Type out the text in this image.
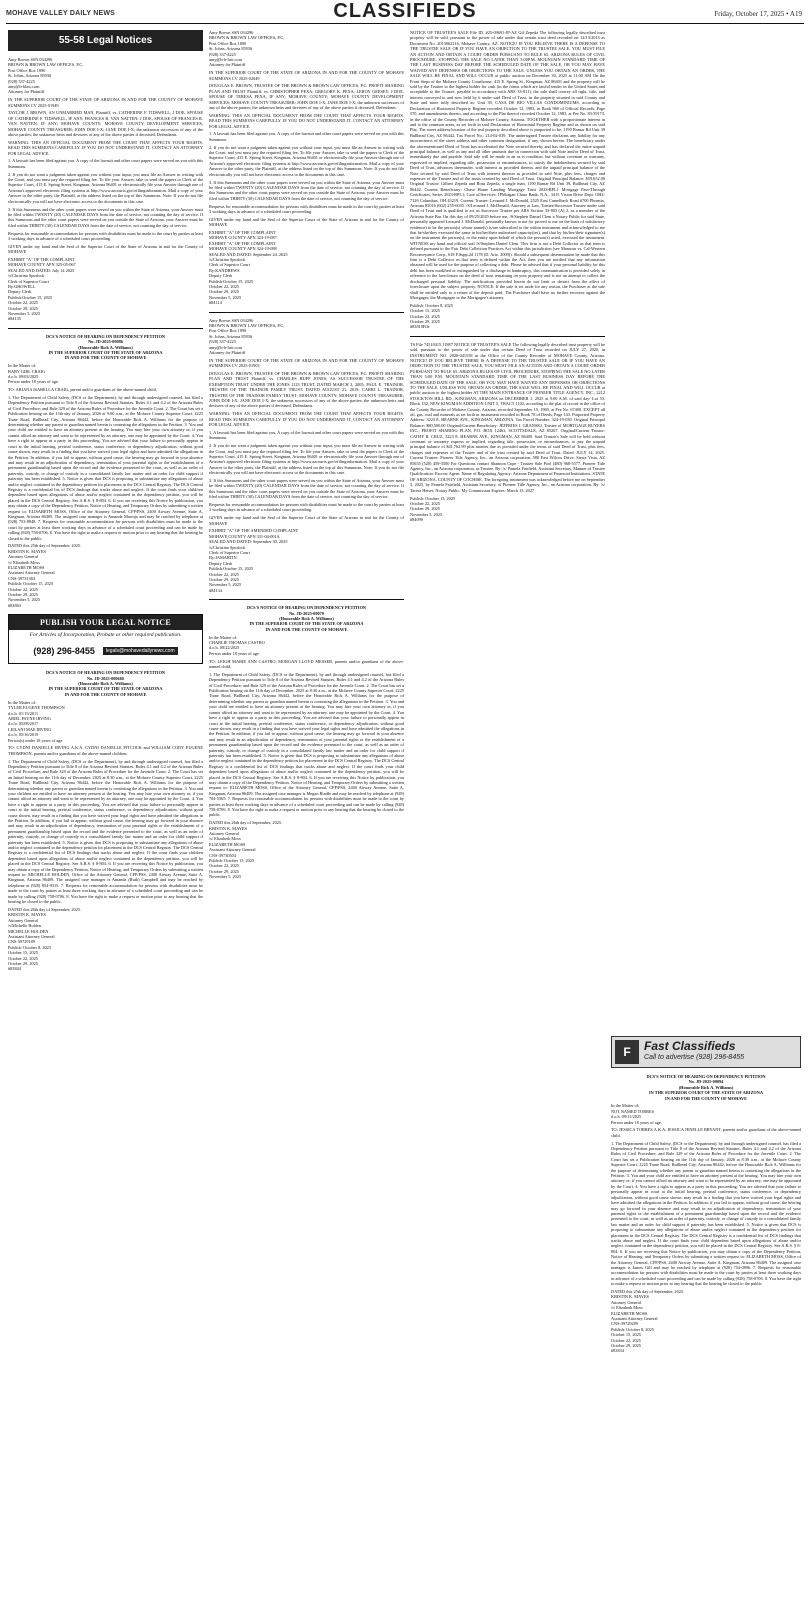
MOHAVE VALLEY DAILY NEWS	CLASSIFIEDS	Friday, October 17, 2025 • A19
55-58 Legal Notices

Amy Brown SSN 034296
BROWN & BROWN LAW OFFICES, P.C,
Post Office Box 1890
St. Johns, Arizona 85936
(928) 337-4225
amy@b-blaw.com
Attorney for Plaintiff

IN THE SUPERIOR COURT OF THE STATE OF ARIZONA IN AND FOR THE COUNTY OF MOHAVE SUMMONS CV 2025-01949

TAYLOR J. BROWN, AN UNMARRIED MAN, Plaintiff, vs. CATHERINE F. TIDSWELL; J DOE, SPOUSE OF CATHERINE F. TIDSWELL, IF ANY; FRANCES R. VAN NATTEN; J DOE, SPOUSE OF FRANCES R. VAN NATTEN, IF ANY; MOHAVE COUNTY; MOHAVE COUNTY DEVELOPMENT SERVICES, MOHAVE COUNTY TREASURER; JOHN DOE I-X; JANE DOE I-X; the unknown successors of any of the above parties; the unknown heirs and devisees of any of the above parties if deceased, Defendants.

WARNING: THIS AN OFFICIAL DOCUMENT FROM THE COURT THAT AFFECTS YOUR RIGHTS. READ THIS SUMMONS CAREFULLY. IF YOU DO NOT UNDERSTAND IT, CONTACT AN ATTORNEY FOR LEGAL ADVICE.

1. A lawsuit has been filed against you. A copy of the lawsuit and other court papers were served on you with this Summons.

2. If you do not want a judgment taken against you without your input, you must file an Answer in writing with the Court, and you must pay the required filing fee. To file your Answer, take or send the papers to Clerk of the Superior Court, 415 E. Spring Street, Kingman, Arizona 86401 or electronically file your Answer through one of Arizona's approved electronic filing systems at http://www.azcourts.gov/efilinginformation. Mail a copy of your Answer to the other party, the Plaintiff, at the address listed on the top of this Summons. Note: If you do not file electronically you will not have electronic access to the documents in this case.

3. If this Summons and the other court papers were served on you within the State of Arizona, your Answer must be filed within TWENTY (20) CALENDAR DAYS from the date of service, not counting the day of service. If this Summons and the other court papers were served on you outside the State of Arizona, your Answer must be filed within THIRTY (30) CALENDAR DAYS from the date of service, not counting the day of service.

Requests for reasonable accommodation for persons with disabilities must be made to the court by parties at least 3 working days in advance of a scheduled court proceeding.

GIVEN under my hand and the Seal of the Superior Court of the State of Arizona in and for the County of MOHAVE

EXHIBIT "A" OF THE COMPLAINT
MOHAVE COUNTY APN 325-05-067
SEALED AND DATED: July 14 2025
/s/Christina Spurlock
Clerk of Superior Court
By:GHOWELL
Deputy Clerk
Publish:October 15, 2025
October 22, 2025
October 29, 2025
November 5, 2025
#84135

DCS'S NOTICE OF HEARING ON DEPENDENCY PETITION
No. JD-2025-00086
(Honorable Rick A. Williams)
IN THE SUPERIOR COURT OF THE STATE OF ARIZONA
IN AND FOR THE COUNTY OF MOHAVE

In the Matter of:
BABY GIRL CRAIG
d.o.b. 09/03/2025
Person under 18 years of age.

TO: ARIANA ISABELLA CRAIG, parent and/or guardians of the above-named child,

1. The Department of Child Safety, (DCS or the Department), by and through undersigned counsel, has filed a Dependency Petition pursuant to Title 8 of the Arizona Revised Statutes, Rules 4.1 and 4.2 of the Arizona Rules of Civil Procedure; and Rule 329 of the Arizona Rules of Procedure for the Juvenile Court. 2. The Court has set a Publication hearing on the 15th day of January, 2026 at 9:00 a.m., at the Mohave County Superior Court, 2225 Trane Road, Bullhead City, Arizona 86442, before the Honorable Rick A. Williams for the purpose of determining whether any parent or guardian named herein is contesting the allegations in the Petition. 3. You and your child are entitled to have an attorney present at the hearing. You may hire your own attorney or, if you cannot afford an attorney and want to be represented by an attorney, one may be appointed by the Court. 4. You have a right to appear as a party in this proceeding. You are advised that your failure to personally appear in court at the initial hearing, pretrial conference, status conference, or dependency adjudication, without good cause shown, may result in a finding that you have waived your legal rights and have admitted the allegations in the Petition. In addition, if you fail to appear, without good cause, the hearing may go forward in your absence and may result in an adjudication of dependency, termination of your parental rights or the establishment of a permanent guardianship based upon the record and the evidence presented to the court, as well as an order of paternity, custody, or change of custody in a consolidated family law matter and an order for child support if paternity has been established. 5. Notice is given that DCS is proposing to substantiate any allegations of abuse and/or neglect contained in the dependency petition for placement in the DCS Central Registry. The DCS Central Registry is a confidential list of DCS findings that tracks abuse and neglect. If the court finds your child/ren dependent based upon allegations of abuse and/or neglect contained in the dependency petition, you will be placed in the DCS Central Registry. See A.R.S. § 8-804. 6. If you are receiving this Notice by publication, you may obtain a copy of the Dependency Petition, Notice of Hearing, and Temporary Orders by submitting a written request to: ELISABETH MOSS, Office of the Attorney General, CFP/PSS, 2400 Airway Avenue, Suite A, Kingman, Arizona 86409. The assigned case manager is Amanda Marrujo and may be reached by telephone at (928) 753-8848. 7. Requests for reasonable accommodation for persons with disabilities must be made to the court by parties at least three working days in advance of a scheduled court proceeding and can be made by calling (928) 758-0706. 8. You have the right to make a request or motion prior to any hearing that the hearing be closed to the public.

DATED this 25th day of September, 2025.
KRISTIN K. MAYES
Attorney General
/s/ Elizabeth Moss
ELIZABETH MOSS
Assistant Attorney General
CNS-39731384
Publish: October 15, 2025
October 22, 2025
October 29, 2025
November 5, 2025
#83863

PUBLISH YOUR LEGAL NOTICE
For Articles of Incorporation, Probate or other required publication.
(928) 296-8455 legals@mohavedailynews.com

DCS'S NOTICE OF HEARING ON DEPENDENCY PETITION
No. JD-2025-00066$
(Honorable Rick A. Williams)
IN THE SUPERIOR COURT OF THE STATE OF ARIZONA
IN AND FOR THE COUNTY OF MOHAVE

In the Matter of:
TYLER EUGENE THOMPSON
d.o.b. 01/15/2011
ARIEL PAYNE IRVING
d.o.b. 05/08/2017
LEILANI MAE IRVING
d.o.b. 05/16/2019
Person(s) under 18 years of age.

TO: CYDNI DANIELLE IRVING A.K.A. CYDNI DANIELLE PITCOCK and WILLIAM CODY EUGENE THOMPSON, parents and/or guardians of the above-named children,

1. The Department of Child Safety, (DCS or the Department), by and through undersigned counsel, has filed a Dependency Petition pursuant to Title 8 of the Arizona Revised Statutes, Rules 4.1 and 4.2 of the Arizona Rules of Civil Procedure; and Rule 329 of the Arizona Rules of Procedure for the Juvenile Court. 2. The Court has set an Initial hearing on the 11th day of December, 2025 at 8:30 a.m., at the Mohave County Superior Court, 2225 Trane Road, Bullhead City, Arizona 86442, before the Honorable Rick A. Williams for the purpose of determining whether any parent or guardian named herein is contesting the allegations in the Petition. 3. You and your children are entitled to have an attorney present at the hearing. You may hire your own attorney or, if you cannot afford an attorney and want to be represented by an attorney, one may be appointed by the Court. 4. You have a right to appear as a party in this proceeding. You are advised that your failure to personally appear in court at the initial hearing, pretrial conference, status conference, or dependency adjudication, without good cause shown, may result in a finding that you have waived your legal rights and have admitted the allegations in the Petition. In addition, if you fail to appear, without good cause, the hearing may go forward in your absence and may result in an adjudication of dependency, termination of your parental rights or the establishment of a permanent guardianship based upon the record and the evidence presented to the court, as well as an order of paternity, custody, or change of custody in a consolidated family law matter and an order for child support if paternity has been established. 5. Notice is given that DCS is proposing to substantiate any allegations of abuse and/or neglect contained in the dependency petition for placement in the DCS Central Registry. The DCS Central Registry is a confidential list of DCS findings that tracks abuse and neglect. If the court finds your children dependent based upon allegations of abuse and/or neglect contained in the dependency petition, you will be placed in the DCS Central Registry. See A.R.S. § 8-804. 6. If you are receiving this Notice by publication, you may obtain a copy of the Dependency Petition, Notice of Hearing, and Temporary Orders by submitting a written request to: MICHELLE HOLDEN, Office of the Attorney General, CFP/PSS, 2400 Airway Avenue, Suite A, Kingman, Arizona 86409. The assigned case manager is Amanda (Ruth) Campbell and may be reached by telephone at (928) 854-9315. 7. Requests for reasonable accommodation for persons with disabilities must be made to the court by parties at least three working days in advance of a scheduled court proceeding and can be made by calling (928) 758-0706. 8. You have the right to make a request or motion prior to any hearing that the hearing be closed to the public.

DATED this 26th day of September, 2025.
KRISTIN K. MAYES
Attorney General
/s/Michelle Holden
MICHELLE HOLDEN
Assistant Attorney General
CNS-39729189
Publish: October 8, 2025
October 15, 2025
October 22, 2025
October 29, 2025
#83844

Amy Brown SSN 034296
BROWN & BROWN LAW OFFICES, P.C,
Post Office Box 1890
St. Johns, Arizona 85936
(928) 337-4225
amy@b-b-law.com
Attorney for Plaintiff

IN THE SUPERIOR COURT OF THE STATE OF ARIZONA IN AND FOR THE COUNTY OF MOHAVE SUMMONS CV 2025-02049

DOUGLAS E. BROWN, TRUSTEE OF THE BROWN & BROWN LAW OFFICES, P.C. PROFIT SHARING PLAN AND TRUST Plaintiff, vs. CHRISTOPHER PEXA; GREGORY K. PEXA; LEROY GEESEY; J DOE, SPOUSE OF TERESA PEXA, IF ANY; MOHAVE COUNTY; MOHAVE COUNTY DEVELOPMENT SERVICES; MOHAVE COUNTY TREASURER; JOHN DOE I-X; JANE DOE I-X; the unknown successors of any of the above parties; the unknown heirs and devisees of any of the above parties if deceased, Defendants.

WARNING: THIS AN OFFICIAL DOCUMENT FROM THE COURT THAT AFFECTS YOUR RIGHTS. READ THIS SUMMONS CAREFULLY. IF YOU DO NOT UNDERSTAND IT, CONTACT AN ATTORNEY FOR LEGAL ADVICE.

1. A lawsuit has been filed against you. A copy of the lawsuit and other court papers were served on you with this Summons.

2. If you do not want a judgment taken against you without your input, you must file an Answer in writing with the Court, and you must pay the required filing fee. To file your Answer, take or send the papers to Clerk of the Superior Court, 415 E. Spring Street, Kingman, Arizona 86401 or electronically file your Answer through one of Arizona's approved electronic filing systems at http://www.azcourts.gov/efilinginformation. Mail a copy of your Answer to the other party, the Plaintiff, at the address listed on the top of this Summons. Note: If you do not file electronically you will not have electronic access to the documents in this case.

3. If this Summons and the other court papers were served on you within the State of Arizona, your Answer must be filed within TWENTY (20) CALENDAR DAYS from the date of service, not counting the day of service. If this Summons and the other court papers were served on you outside the State of Arizona, your Answer must be filed within THIRTY (30) CALENDAR DAYS from the date of service, not counting the day of service.

Requests for reasonable accommodation for persons with disabilities must be made to the court by parties at least 3 working days in advance of a scheduled court proceeding.

GIVEN under my hand and the Seal of the Superior Court of the State of Arizona in and for the County of MOHAVE

EXHIBIT "A" OF THE COMPLAINT
MOHAVE COUNTY APN 324-19-087
EXHIBIT "A" OF THE COMPLAINT
MOHAVE COUNTY APN 324-19-088
SEALED AND DATED: September 24, 2025
/s/Christina Spurlock
Clerk of Superior Court
By:KANDREWS
Deputy Clerk
Publish:October 15, 2025
October 22, 2025
October 29, 2025
November 5, 2025
#84114

Amy Brown SSN 034296
BROWN & BROWN LAW OFFICES, P.C,
Post Office Box 1890
St. Johns, Arizona 85936
(928) 337-4225
amy@b-b-law.com
Attorney for Plaintiff

IN THE SUPERIOR COURT OF THE STATE OF ARIZONA IN AND FOR THE COUNTY OF MOHAVE SUMMONS CV 2025-01903

DOUGLAS E. BROWN, TRUSTEE OF THE BROWN & BROWN LAW OFFICES, P.C. PROFIT SHARING PLAN AND TRUST Plaintiff, vs. CHARLES HUFF JONES, AS SUCCESSOR TRUSTEE OF THE EXEMPTION TRUST UNDER THE JONES 1123 TRUST, DATED MARCH 3, 2005; PAUL E. TRAINOR, TRUSTEE OF THE TRAINOR FAMILY TRUST, DATED AUGUST 21, 2019; CARRI L. TRAINOR, TRUSTEE OF THE TRAINOR FAMILY TRUST; MOHAVE COUNTY; MOHAVE COUNTY TREASURER; JOHN DOE I-X; JANE DOE I-X; the unknown successors of any of the above parties; the unknown heirs and devisees of any of the above parties if deceased, Defendants.

WARNING: THIS AN OFFICIAL DOCUMENT FROM THE COURT THAT AFFECTS YOUR RIGHTS. READ THIS SUMMONS CAREFULLY. IF YOU DO NOT UNDERSTAND IT, CONTACT AN ATTORNEY FOR LEGAL ADVICE.

1. A lawsuit has been filed against you. A copy of the lawsuit and other court papers were served on you with this Summons.

2. If you do not want a judgment taken against you without your input, you must file an Answer in writing with the Court, and you must pay the required filing fee. To file your Answer, take or send the papers to Clerk of the Superior Court, 415 E. Spring Street, Kingman, Arizona 86401 or electronically file your Answer through one of Arizona's approved electronic filing systems at http://www.azcourts.gov/efilinginformation. Mail a copy of your Answer to the other party, the Plaintiff, at the address listed on the top of this Summons. Note: If you do not file electronically you will not have electronic access to the documents in this case.

3. If this Summons and the other court papers were served on you within the State of Arizona, your Answer must be filed within TWENTY (20) CALENDAR DAYS from the date of service, not counting the day of service. If this Summons and the other court papers were served on you outside the State of Arizona, your Answer must be filed within THIRTY (30) CALENDAR DAYS from the date of service, not counting the day of service.

Requests for reasonable accommodation for persons with disabilities must be made to the court by parties at least 3 working days in advance of a scheduled court proceeding.

GIVEN under my hand and the Seal of the Superior Court of the State of Arizona in and for the County of MOHAVE

EXHIBIT "A" OF THE AMENDED COMPLAINT
MOHAVE COUNTY APN 331-04-001A
SEALED AND DATED: September 30, 2025
/s/Christina Spurlock
Clerk of Superior Court
By:JAMARTIN
Deputy Clerk
Publish:October 15, 2025
October 22, 2025
October 29, 2025
November 5, 2025
#84134

DCS'S NOTICE OF HEARING ON DEPENDENCY PETITION
No. JD-2025-00079
(Honorable Rick A. Williams)
IN THE SUPERIOR COURT OF THE STATE OF ARIZONA
IN AND FOR THE COUNTY OF MOHAVE

In the Matter of:
CHARLIE THOMAS CASTRO
d.o.b. 08/22/2025
Person under 18 years of age.

TO: LEIGH MARIE ANN CASTRO, MORGAN LLOYD MESSER, parents and/or guardians of the above-named child,

1. The Department of Child Safety, (DCS or the Department), by and through undersigned counsel, has filed a Dependency Petition pursuant to Title 8 of the Arizona Revised Statutes, Rules 4.1 and 4.2 of the Arizona Rules of Civil Procedure; and Rule 329 of the Arizona Rules of Procedure for the Juvenile Court. 2. The Court has set a Publication hearing on the 11th day of December, 2025 at 8:30 a.m., at the Mohave County Superior Court, 2225 Trane Road, Bullhead City, Arizona 86442, before the Honorable Rick A. Williams for the purpose of determining whether any parent or guardian named herein is contesting the allegations in the Petition. 3. You and your child are entitled to have an attorney present at the hearing. You may hire your own attorney or, if you cannot afford an attorney and want to be represented by an attorney, one may be appointed by the Court. 4. You have a right to appear as a party in this proceeding. You are advised that your failure to personally appear in court at the initial hearing, pretrial conference, status conference, or dependency adjudication, without good cause shown, may result in a finding that you have waived your legal rights and have admitted the allegations in the Petition. In addition, if you fail to appear, without good cause, the hearing may go forward in your absence and may result in an adjudication of dependency, termination of your parental rights or the establishment of a permanent guardianship based upon the record and the evidence presented to the court, as well as an order of paternity, custody, or change of custody in a consolidated family law matter and an order for child support if paternity has been established. 5. Notice is given that DCS is proposing to substantiate any allegations of abuse and/or neglect contained in the dependency petition for placement in the DCS Central Registry. The DCS Central Registry is a confidential list of DCS findings that tracks abuse and neglect. If the court finds your child dependent based upon allegations of abuse and/or neglect contained in the dependency petition, you will be placed in the DCS Central Registry. See A.R.S. § 8-804. 6. If you are receiving this Notice by publication, you may obtain a copy of the Dependency Petition, Notice of Hearing, and Temporary Orders by submitting a written request to: ELIZABETH MOSS, Office of the Attorney General, CFP/PSS, 2400 Airway Avenue, Suite A, Kingman, Arizona 86409. The assigned case manager is Megan Rindle and may be reached by telephone at (928) 704-5565. 7. Requests for reasonable accommodation for persons with disabilities must be made to the court by parties at least three working days in advance of a scheduled court proceeding and can be made by calling (928) 758-0706. 8. You have the right to make a request or motion prior to any hearing that the hearing be closed to the public.

DATED this 26th day of September, 2025.
KRISTIN K. MAYES
Attorney General
/s/ Elizabeth Moss
ELIZABETH MOSS
Assistant Attorney General
CNS-39730504
Publish: October 15, 2025
October 22, 2025
October 29, 2025
November 5, 2025

NOTICE OF TRUSTEE'S SALE File ID. #25-09691-JP-AZ Gil Zepeda The following legally described trust property will be sold, pursuant to the power of sale under that certain trust deed recorded on 12/13/2013 as Document No. 2013062216, Mohave County, AZ. NOTICE! IF YOU BELIEVE THERE IS A DEFENSE TO THE TRUSTEE SALE OR IF YOU HAVE AN OBJECTION TO THE TRUSTEE SALE, YOU MUST FILE AN ACTION AND OBTAIN A COURT ORDER PURSUANT TO RULE 65, ARIZONA RULES OF CIVIL PROCEDURE, STOPPING THE SALE NO LATER THAN 5:00P.M. MOUNTAIN STANDARD TIME OF THE LAST BUSINESS DAY BEFORE THE SCHEDULED DATE OF THE SALE, OR YOU MAY HAVE WAIVED ANY DEFENSES OR OBJECTIONS TO THE SALE. UNLESS YOU OBTAIN AN ORDER, THE SALE WILL BE FINAL AND WILL OCCUR at public auction on December 30, 2025 at 11:00 AM On the Front Steps of the Mohave County Courthouse, 415 E. Spring St., Kingman, AZ 86401 and the property will be sold by the Trustee to the highest bidder for cash (in the forms which are lawful tender in the United States and acceptable to the Trustee, payable in accordance with ARS 33-811), the sale shall convey all right, title, and interest conveyed to and now held by it under said Deed of Trust, in the property situated in said County and State and more fully described as: Unit 39, CASA DE RIO VILLAS CONDOMINIUMS, according to Declaration of Horizontal Property Regime recorded October 12, 1983, in Book 969 of Official Records, Page 570, and amendments thereto, and according to the Plat thereof recorded October 12, 1983, at Fee No. 83-39173, in the office of the County Recorder of Mohave County, Arizona. TOGETHER with a proportionate interest in and to the common areas, as set forth in said Declaration of Horizontal Property Regime and as shown on said Plat. The street address/location of the real property described above is purported to be: 1190 Ramar Rd Unit 39 Bullhead City, AZ 86442, Tax Parcel No.: 214-02-039. The undersigned Trustee disclaims any liability for any incorrectness of the street address and other common designation, if any, shown herein. The beneficiary under the aforementioned Deed of Trust has accelerated the Note secured thereby and has declared the entire unpaid principal balance, as well as any and all other amounts due in connection with said Note and/or Deed of Trust, immediately due and payable. Said sale will be made in an as is condition, but without covenant or warranty, expressed or implied, regarding title, possession or encumbrances, to satisfy the indebtedness secured by said Deed of Trust, advances thereunder, with interest as provided therein, and the unpaid principal balance of the Note secured by said Deed of Trust with interest thereon as provided in said Note, plus fees, charges and expenses of the Trustee and of the trusts created by said Deed of Trust. Original Principal Balance: $59,652.00 Original Trustor: Gilbert Zepeda and Rosa Zepeda, a single man, 1190 Ramar Rd Unit 39, Bullhead City, AZ 86442. Current Beneficiary: Chase Home Landing Mortgage Trust 2023-RPL1 Mortgage Pass-Through Certificates, Series 2023-RPL1; Care of/Servicer: JPMorgan Chase Bank, N.A., 3415 Vision Drive Dept. OH4-7126 Columbus, OH 43219. Current Trustee: Leonard J. McDonald, 2525 East Camelback Road #700 Phoenix, Arizona 85016 (602) 255-6035. /S/Leonard J. McDonald, Attorney at Law, Trustee/Successor Trustee under said Deed of Trust and is qualified to act as Successor Trustee per ARS Section 33-803 (A) 2, as a member of the Arizona State Bar. On this day of 09/25/2025 before me, /S/Stephen Daniel Clem a Notary Public for said State, personally appeared Leonard J. McDonald, personally known to me (or proved to me on the basis of satisfactory evidence) to be the person(s) whose name(s) is/are subscribed to the within instrument and acknowledged to me that he/she/they executed the same in his/her/their authorized capacity(ies), and that by his/her/their signature(s) on the instrument the person(s), or the entity upon behalf of which the person(s) acted, executed the instrument. WITNESS my hand and official seal /S/Stephen Daniel Clem. This firm is not a Debt Collector as that term is defined pursuant to the Fair Debt Collection Practices Act within this jurisdiction (see Mansour vs. Cal-Western Reconveyance Corp., 618 F.Supp.2d 1178 (D. Ariz. 2009)). Should a subsequent determination be made that this firm is a Debt Collector as that term is defined within the Act, then you are notified that any information obtained will be used for the purpose of collecting a debt. Please be advised that if your personal liability for this debt has been modified or extinguished by a discharge in bankruptcy, this communication is provided solely in reference to the foreclosure on the deed of trust remaining on your property and is not an attempt to collect the discharged personal liability. The notifications provided herein do not limit or detract from the effect of foreclosure upon the subject property. NOTICE: If the sale is set aside for any reason, the Purchaser at the sale shall be entitled only to a return of the deposit paid. The Purchaser shall have no further recourse against the Mortgagor, the Mortgagee or the Mortgagee's attorney.

Publish: October 8, 2025
October 15, 2025
October 22, 2025
October 29, 2025
#83810File

TS File 74510415.11887 NOTICE OF TRUSTEE'S SALE The following legally described trust property will be sold, pursuant to the power of sale under that certain Deed of Trust recorded on JULY 27, 2020, in INSTRUMENT NO. 2020-041558 in the Office of the County Recorder of MOHAVE County, Arizona. NOTICE! IF YOU BELIEVE THERE IS A DEFENSE TO THE TRUSTEE SALE OR IF YOU HAVE AN OBJECTION TO THE TRUSTEE SALE, YOU MUST FILE AN ACTION AND OBTAIN A COURT ORDER PURSUANT TO RULE 65, ARIZONA RULES OF CIVIL PROCEDURE, STOPPING THE SALE NO LATER THAN 5:00 P.M. MOUNTAIN STANDARD TIME OF THE LAST BUSINESS DAY BEFORE THE SCHEDULED DATE OF THE SALE, OR YOU MAY HAVE WAIVED ANY DEFENSES OR OBJECTIONS TO THE SALE. UNLESS YOU OBTAIN AN ORDER, THE SALE WILL BE FINAL AND WILL OCCUR at public auction to the highest bidder AT THE MAIN ENTRANCE OF PIONEER TITLE AGENCY, INC., 2212 STOCKTON HILL RD., KINGMAN, ARIZONA on DECEMBER 1, 2025 at 9:00 A.M. of said day: Lot 53, Block 132, NEW KINGMAN ADDITION UNIT 5, TRACT 1102, according to the plat of record in the office of the County Recorder of Mohave County, Arizona, recorded September 15, 1969, at Fee No. 67400. EXCEPT all oil, gas, coal and minerals as set forth in instrument recorded in Book 78 of Deeds, Page 143. Purported Property Address: 3223 E. HEARNE AVE., KINGMAN, ARIZONA. Tax Parcel Number: 324-19-030. Original Principal Balance: $80,500.00 Original/Current Beneficiary: JEFFRIES J. GRANSKI, Trustee of MORTGAGE BUYERS INC., PROFIT SHARING PLAN, P.O. BOX 12463, SCOTTSDALE, AZ 85267. Original/Current Trustor: CATHY R. CRUZ, 3223 E. HEARNE AVE., KINGMAN, AZ 86409. Said Trustee's Sale will be held without covenant or warranty express or implied, regarding title, possession, or encumbrances, to pay the unpaid principal balance of $41,762.99 plus monies due as provided under the terms of said Deed of Trust, plus fees, charges and expenses of the Trustee and of the trust created by said Deed of Trust. Dated: JULY 14, 2025. Current Trustee: Pioneer Title Agency, Inc., an Arizona corporation, 580 East Wilcox Drive, Sierra Vista, AZ 85635 (520) 459-3500 For Questions contact Shannon Cope - Trustee Sale Pool (480) 968-5577. Pioneer Title Agency, Inc., an Arizona corporation, as Trustee. By: /s/ Pamela Fairfield, Assistant Secretary, Manner of Trustee Qualification: Escrow Agent, Name of Regulating Agency: Arizona Department of Financial Institutions. STATE OF ARIZONA, COUNTY OF COCHISE. The foregoing instrument was acknowledged before me on September 3, 2025, by Pamela Fairfield, Assistant Secretary, of Pioneer Title Agency, Inc., an Arizona corporation. By: /s/ Teresa Heiser, Notary Public. My Commission Expires: March 15, 2027.

Publish: October 15, 2025
October 22, 2025
October 29, 2025
November 5, 2025
#84099

F	Fast Classifieds
Call to advertise (928) 296-8455

DCS'S NOTICE OF HEARING ON DEPENDENCY PETITION
No. JD-2025-00094
(Honorable Rick A. Williams)
IN THE SUPERIOR COURT OF THE STATE OF ARIZONA
IN AND FOR THE COUNTY OF MOHAVE

In the Matter of:
NOT NAMED TORRES
d.o.b. 09/11/2025
Person under 18 years of age.

TO: JESSICA TORRES A.K.A. JESSICA JENELLE BRYANT, parents and/or guardians of the above-named child,

1. The Department of Child Safety, (DCS or the Department), by and through undersigned counsel, has filed a Dependency Petition pursuant to Title 8 of the Arizona Revised Statutes, Rules 4.1 and 4.2 of the Arizona Rules of Civil Procedure; and Rule 329 of the Arizona Rules of Procedure for the Juvenile Court. 2. The Court has set a Publication hearing on the 11th day of January, 2026 at 8:30 a.m., at the Mohave County Superior Court, 2225 Trane Road, Bullhead City, Arizona 86442, before the Honorable Rick A. Williams for the purpose of determining whether any parent or guardian named herein is contesting the allegations in the Petition. 3. You and your child are entitled to have an attorney present at the hearing. You may hire your own attorney or, if you cannot afford an attorney and want to be represented by an attorney, one may be appointed by the Court. 4. You have a right to appear as a party in this proceeding. You are advised that your failure to personally appear in court at the initial hearing, pretrial conference, status conference, or dependency adjudication, without good cause shown, may result in a finding that you have waived your legal rights and have admitted the allegations in the Petition. In addition, if you fail to appear, without good cause, the hearing may go forward in your absence and may result in an adjudication of dependency, termination of your parental rights or the establishment of a permanent guardianship based upon the record and the evidence presented to the court, as well as an order of paternity, custody, or change of custody in a consolidated family law matter and an order for child support if paternity has been established. 5. Notice is given that DCS is proposing to substantiate any allegations of abuse and/or neglect contained in the dependency petition for placement in the DCS Central Registry. The DCS Central Registry is a confidential list of DCS findings that tracks abuse and neglect. If the court finds your child dependent based upon allegations of abuse and/or neglect contained in the dependency petition, you will be placed in the DCS Central Registry. See A.R.S. § 8-804. 6. If you are receiving this Notice by publication, you may obtain a copy of the Dependency Petition, Notice of Hearing, and Temporary Orders by submitting a written request to: ELIZABETH MOSS, Office of the Attorney General, CFP/PSS, 2400 Airway Avenue, Suite A, Kingman, Arizona 86409. The assigned case manager is James Gill and may be reached by telephone at (928) 754-0896. 7. Requests for reasonable accommodation for persons with disabilities must be made to the court by parties at least three working days in advance of a scheduled court proceeding and can be made by calling (928) 758-0706. 8. You have the right to make a request or motion prior to any hearing that the hearing be closed to the public.

DATED this 25th day of September, 2025.
KRISTIN K. MAYES
Attorney General
/s/ Elizabeth Moss
ELIZABETH MOSS
Assistant Attorney General
CNS-39729289
Publish: October 8, 2025
October 15, 2025
October 22, 2025
October 29, 2025
#83834
